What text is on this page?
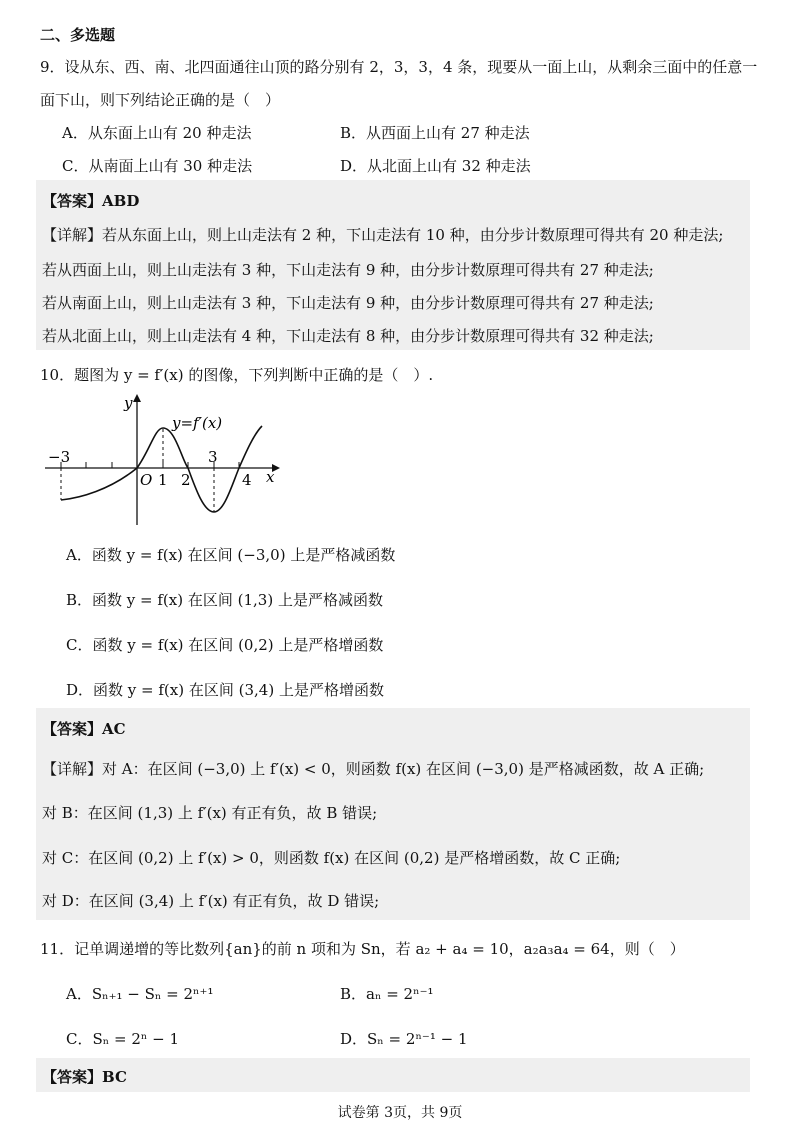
二、多选题
9．设从东、西、南、北四面通往山顶的路分别有 2，3，3，4 条，现要从一面上山，从剩余三面中的任意一
面下山，则下列结论正确的是（　）
A．从东面上山有 20 种走法	B．从西面上山有 27 种走法
C．从南面上山有 30 种走法	D．从北面上山有 32 种走法
【答案】ABD
【详解】若从东面上山，则上山走法有 2 种，下山走法有 10 种，由分步计数原理可得共有 20 种走法;
若从西面上山，则上山走法有 3 种，下山走法有 9 种，由分步计数原理可得共有 27 种走法;
若从南面上山，则上山走法有 3 种，下山走法有 9 种，由分步计数原理可得共有 27 种走法;
若从北面上山，则上山走法有 4 种，下山走法有 8 种，由分步计数原理可得共有 32 种走法;
10．题图为 y = f′(x) 的图像，下列判断中正确的是（　）.
y
x
O
y=f′(x)
−3
1 2
3
4
A．函数 y = f(x) 在区间 (−3,0) 上是严格减函数
B．函数 y = f(x) 在区间 (1,3) 上是严格减函数
C．函数 y = f(x) 在区间 (0,2) 上是严格增函数
D．函数 y = f(x) 在区间 (3,4) 上是严格增函数
【答案】AC
【详解】对 A：在区间 (−3,0) 上 f′(x) < 0，则函数 f(x) 在区间 (−3,0) 是严格减函数，故 A 正确;
对 B：在区间 (1,3) 上 f′(x) 有正有负，故 B 错误;
对 C：在区间 (0,2) 上 f′(x) > 0，则函数 f(x) 在区间 (0,2) 是严格增函数，故 C 正确;
对 D：在区间 (3,4) 上 f′(x) 有正有负，故 D 错误;
11．记单调递增的等比数列{an}的前 n 项和为 Sn，若 a₂ + a₄ = 10，a₂a₃a₄ = 64，则（　）
A．Sₙ₊₁ − Sₙ = 2ⁿ⁺¹	B．aₙ = 2ⁿ⁻¹
C．Sₙ = 2ⁿ − 1	D．Sₙ = 2ⁿ⁻¹ − 1
【答案】BC
试卷第 3页，共 9页
